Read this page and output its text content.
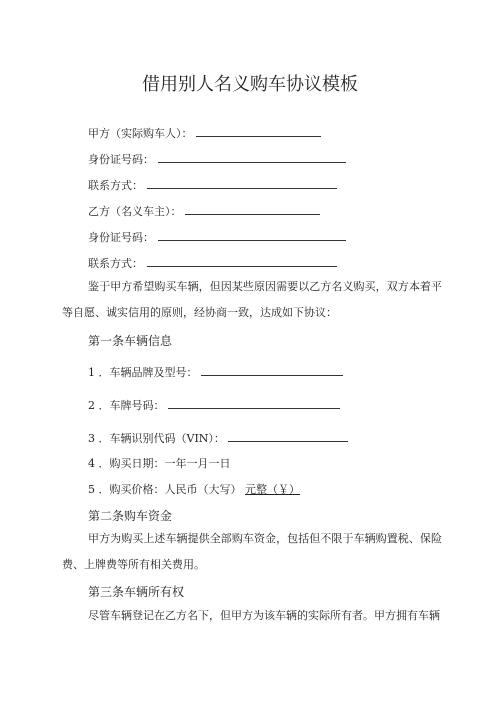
借用别人名义购车协议模板
甲方（实际购车人）：
身份证号码：
联系方式：
乙方（名义车主）：
身份证号码：
联系方式：
鉴于甲方希望购买车辆，但因某些原因需要以乙方名义购买，双方本着平等自愿、诚实信用的原则，经协商一致，达成如下协议：
第一条车辆信息
1 ．车辆品牌及型号：
2 ．车牌号码：
3 ．车辆识别代码（VIN）：
4 ．购买日期：一年一月一日
5 ．购买价格：人民币（大写） 元整（￥）
第二条购车资金
甲方为购买上述车辆提供全部购车资金，包括但不限于车辆购置税、保险费、上牌费等所有相关费用。
第三条车辆所有权
尽管车辆登记在乙方名下，但甲方为该车辆的实际所有者。甲方拥有车辆
